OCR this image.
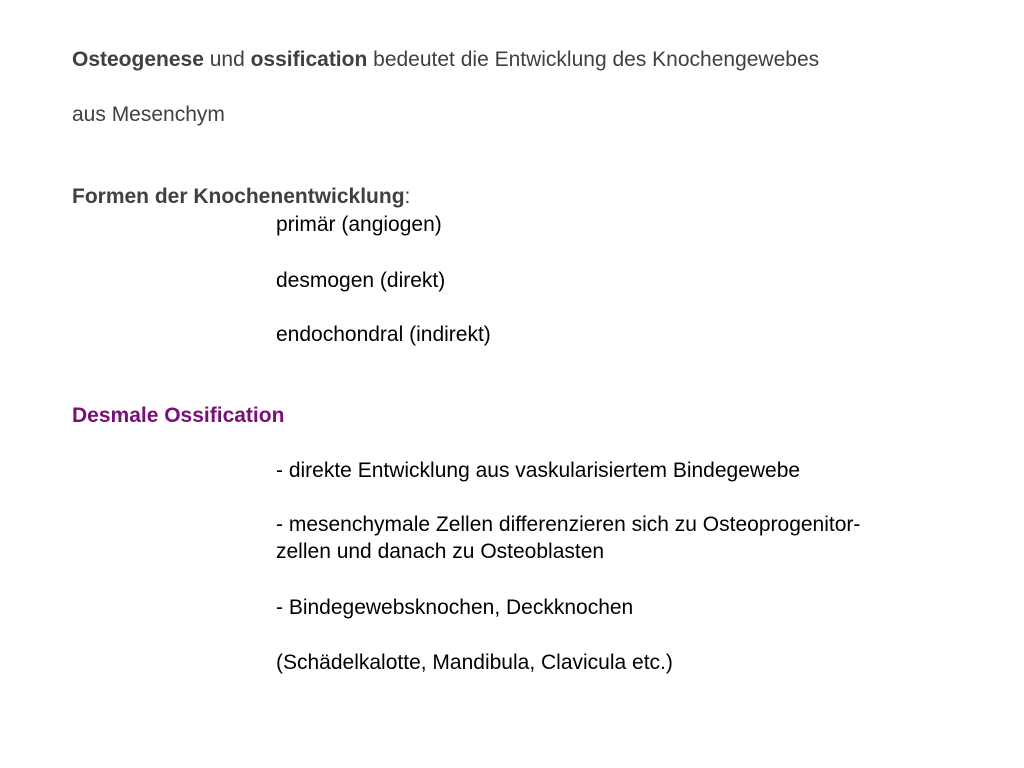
Osteogenese und ossification bedeutet die Entwicklung des Knochengewebes
aus Mesenchym
Formen der Knochenentwicklung:
primär (angiogen)
desmogen (direkt)
endochondral (indirekt)
Desmale Ossification
- direkte Entwicklung aus vaskularisiertem Bindegewebe
- mesenchymale Zellen differenzieren sich zu Osteoprogenitor-
zellen und danach zu Osteoblasten
- Bindegewebsknochen, Deckknochen
(Schädelkalotte, Mandibula, Clavicula etc.)
